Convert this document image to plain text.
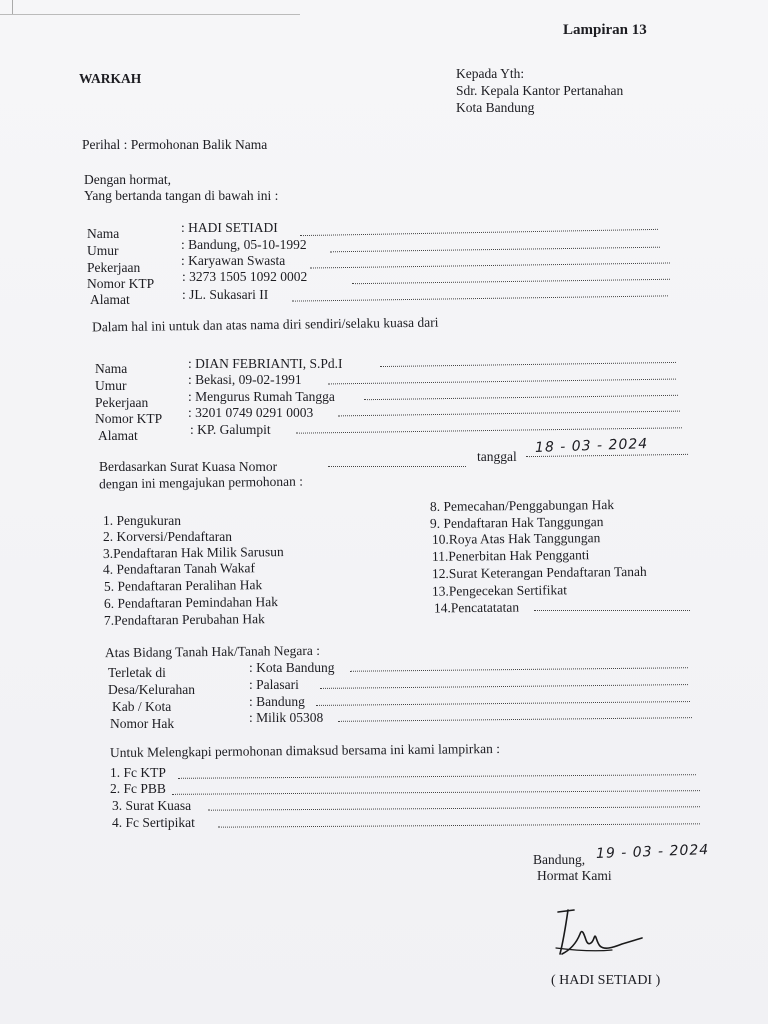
Lampiran 13
WARKAH	Kepada Yth:
Sdr. Kepala Kantor Pertanahan
Kota Bandung
Perihal : Permohonan Balik Nama
Dengan hormat,
Yang bertanda tangan di bawah ini :
Nama
Umur
Pekerjaan
Nomor KTP
Alamat
: HADI SETIADI
: Bandung, 05-10-1992
: Karyawan Swasta
: 3273 1505 1092 0002
: JL. Sukasari II
Dalam hal ini untuk dan atas nama diri sendiri/selaku kuasa dari
Nama
Umur
Pekerjaan
Nomor KTP
Alamat
: DIAN FEBRIANTI, S.Pd.I
: Bekasi, 09-02-1991
: Mengurus Rumah Tangga
: 3201 0749 0291 0003
: KP. Galumpit
Berdasarkan Surat Kuasa Nomor
tanggal
18 - 03 - 2024
dengan ini mengajukan permohonan :
1. Pengukuran
2. Korversi/Pendaftaran
3.Pendaftaran Hak Milik Sarusun
4. Pendaftaran Tanah Wakaf
5. Pendaftaran Peralihan Hak
6. Pendaftaran Pemindahan Hak
7.Pendaftaran Perubahan Hak
8. Pemecahan/Penggabungan Hak
9. Pendaftaran Hak Tanggungan
10.Roya Atas Hak Tanggungan
11.Penerbitan Hak Pengganti
12.Surat Keterangan Pendaftaran Tanah
13.Pengecekan Sertifikat
14.Pencatatatan
Atas Bidang Tanah Hak/Tanah Negara :
Terletak di
Desa/Kelurahan
Kab / Kota
Nomor Hak
: Kota Bandung
: Palasari
: Bandung
: Milik 05308
Untuk Melengkapi permohonan dimaksud bersama ini kami lampirkan :
1. Fc KTP
2. Fc PBB
3. Surat Kuasa
4. Fc Sertipikat
Bandung, 19 - 03 - 2024
Hormat Kami
( HADI SETIADI )
